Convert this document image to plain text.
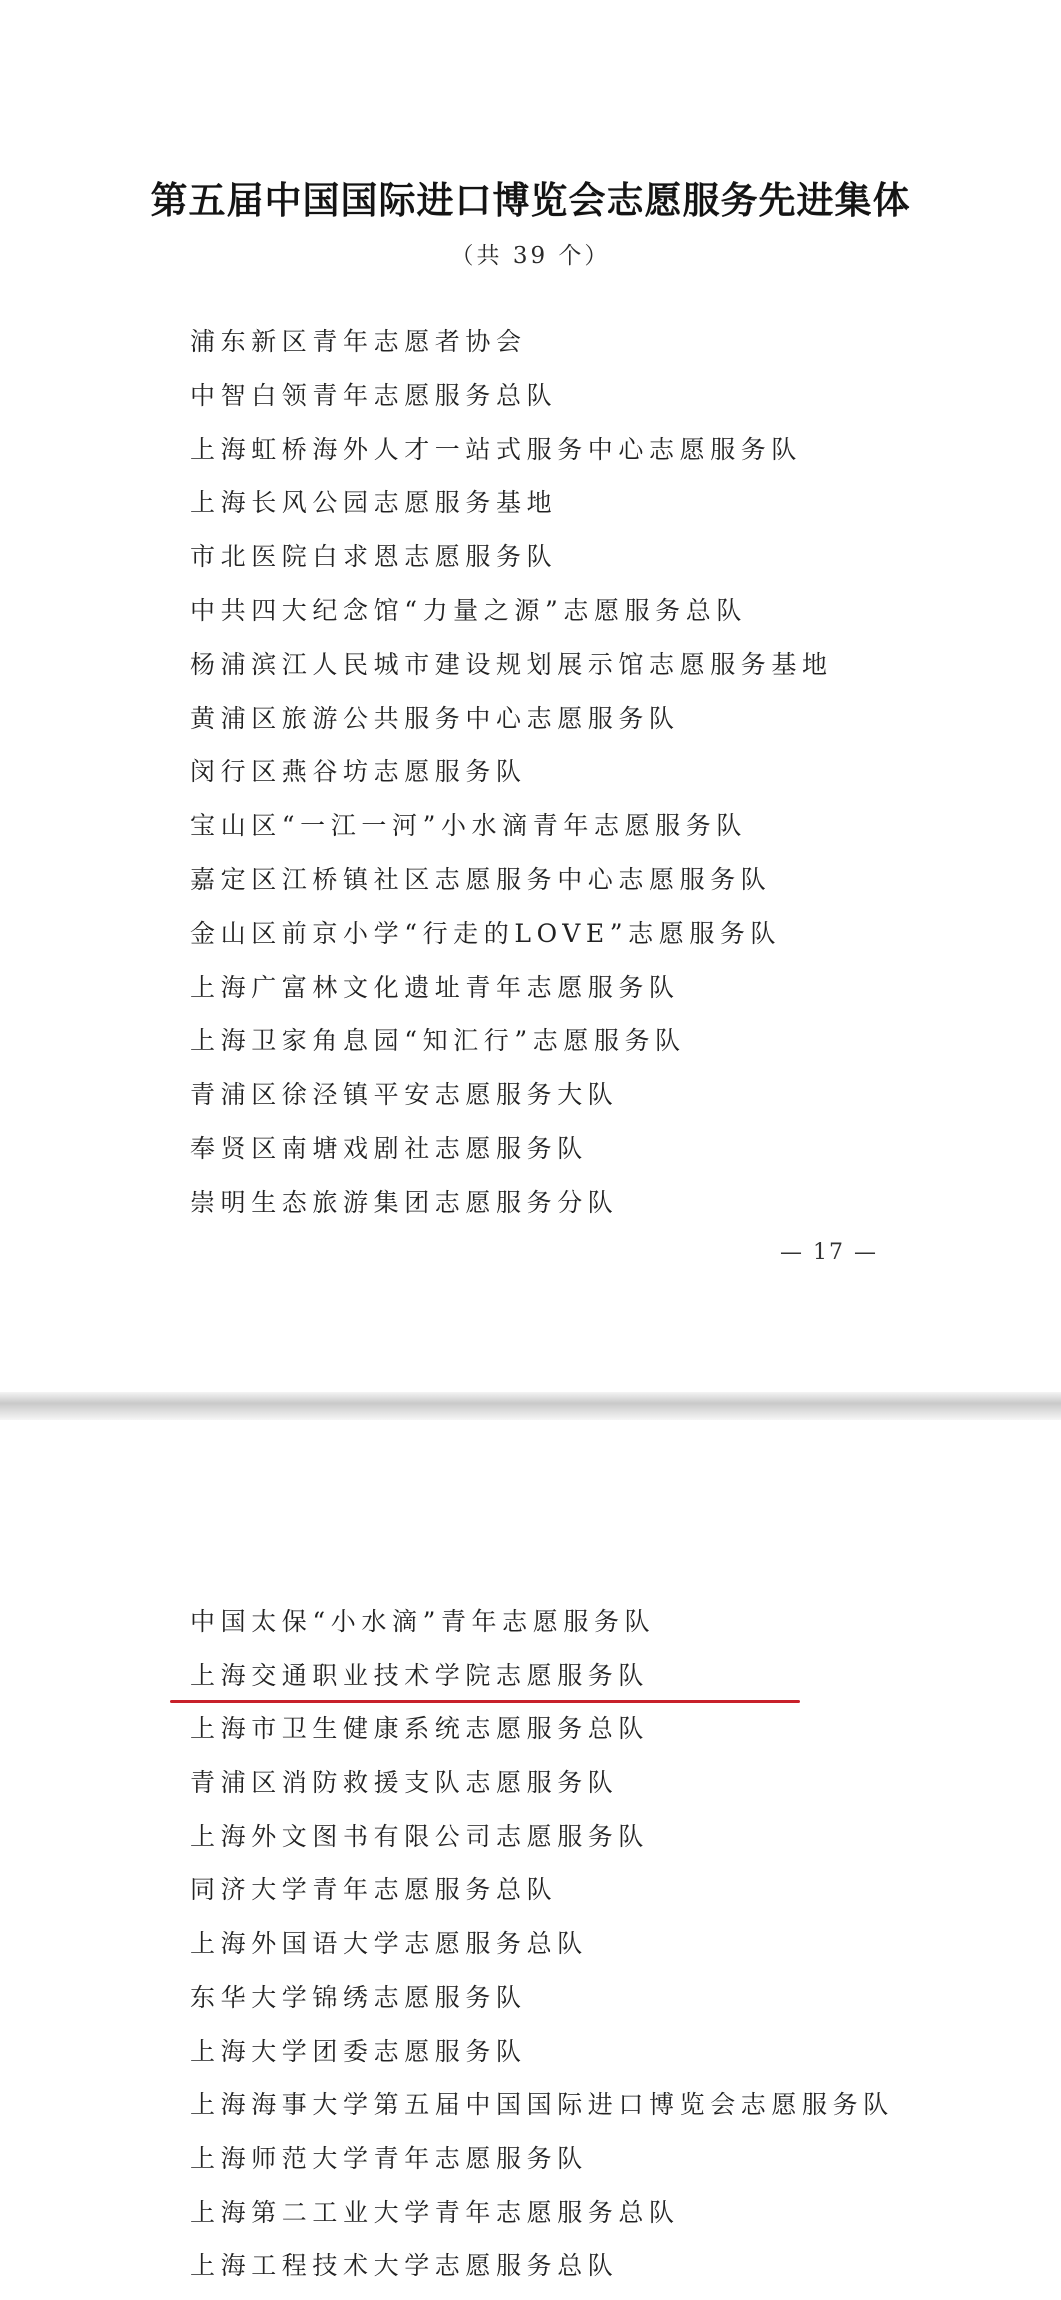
第五届中国国际进口博览会志愿服务先进集体
（共 39 个）
浦东新区青年志愿者协会
中智白领青年志愿服务总队
上海虹桥海外人才一站式服务中心志愿服务队
上海长风公园志愿服务基地
市北医院白求恩志愿服务队
中共四大纪念馆“力量之源”志愿服务总队
杨浦滨江人民城市建设规划展示馆志愿服务基地
黄浦区旅游公共服务中心志愿服务队
闵行区燕谷坊志愿服务队
宝山区“一江一河”小水滴青年志愿服务队
嘉定区江桥镇社区志愿服务中心志愿服务队
金山区前京小学“行走的LOVE”志愿服务队
上海广富林文化遗址青年志愿服务队
上海卫家角息园“知汇行”志愿服务队
青浦区徐泾镇平安志愿服务大队
奉贤区南塘戏剧社志愿服务队
崇明生态旅游集团志愿服务分队
— 17 —
中国太保“小水滴”青年志愿服务队
上海交通职业技术学院志愿服务队
上海市卫生健康系统志愿服务总队
青浦区消防救援支队志愿服务队
上海外文图书有限公司志愿服务队
同济大学青年志愿服务总队
上海外国语大学志愿服务总队
东华大学锦绣志愿服务队
上海大学团委志愿服务队
上海海事大学第五届中国国际进口博览会志愿服务队
上海师范大学青年志愿服务队
上海第二工业大学青年志愿服务总队
上海工程技术大学志愿服务总队
